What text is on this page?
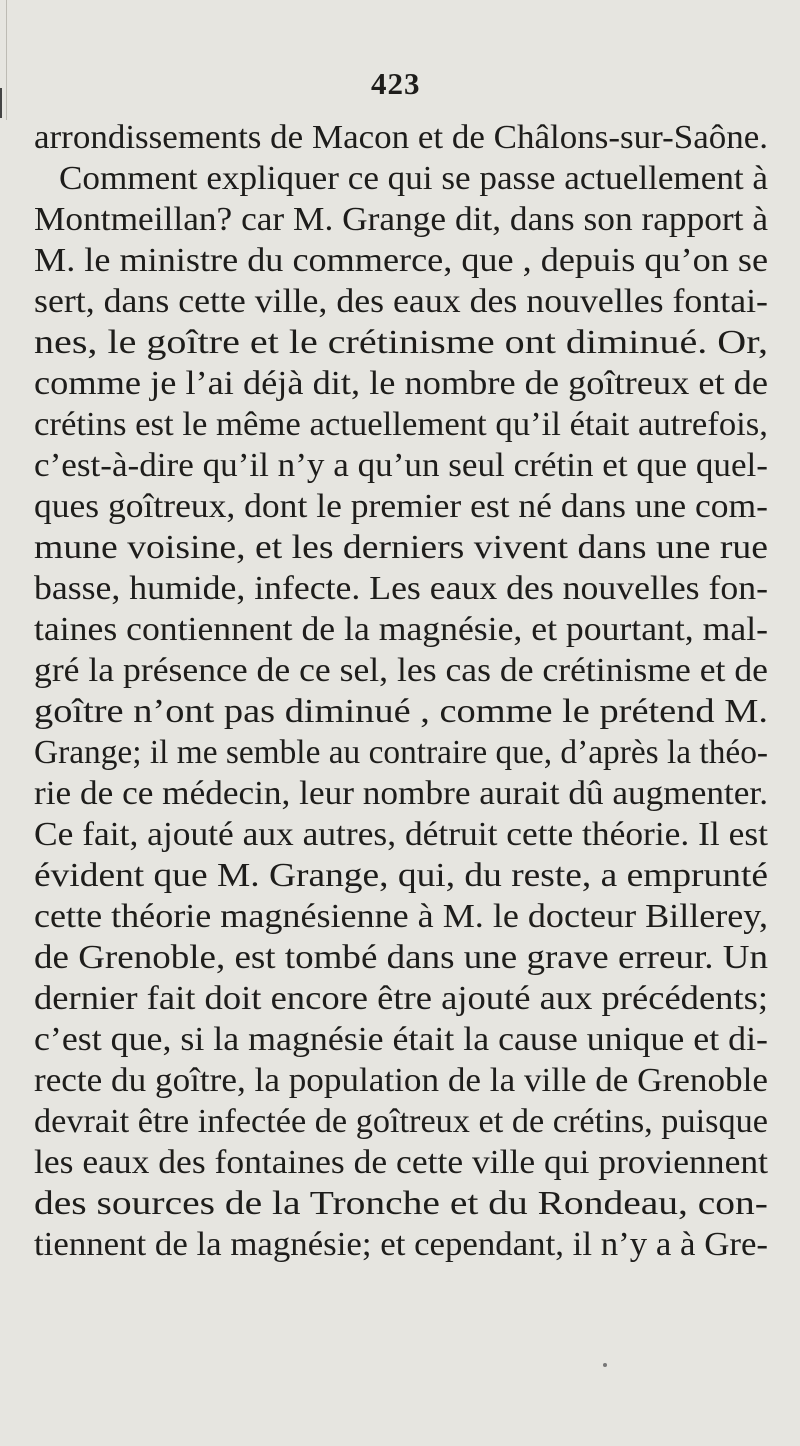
423
arrondissements de Macon et de Châlons-sur-Saône.
Comment expliquer ce qui se passe actuellement à
Montmeillan? car M. Grange dit, dans son rapport à
M. le ministre du commerce, que , depuis qu’on se
sert, dans cette ville, des eaux des nouvelles fontai-
nes, le goître et le crétinisme ont diminué. Or,
comme je l’ai déjà dit, le nombre de goîtreux et de
crétins est le même actuellement qu’il était autrefois,
c’est-à-dire qu’il n’y a qu’un seul crétin et que quel-
ques goîtreux, dont le premier est né dans une com-
mune voisine, et les derniers vivent dans une rue
basse, humide, infecte. Les eaux des nouvelles fon-
taines contiennent de la magnésie, et pourtant, mal-
gré la présence de ce sel, les cas de crétinisme et de
goître n’ont pas diminué , comme le prétend M.
Grange; il me semble au contraire que, d’après la théo-
rie de ce médecin, leur nombre aurait dû augmenter.
Ce fait, ajouté aux autres, détruit cette théorie. Il est
évident que M. Grange, qui, du reste, a emprunté
cette théorie magnésienne à M. le docteur Billerey,
de Grenoble, est tombé dans une grave erreur. Un
dernier fait doit encore être ajouté aux précédents;
c’est que, si la magnésie était la cause unique et di-
recte du goître, la population de la ville de Grenoble
devrait être infectée de goîtreux et de crétins, puisque
les eaux des fontaines de cette ville qui proviennent
des sources de la Tronche et du Rondeau, con-
tiennent de la magnésie; et cependant, il n’y a à Gre-
